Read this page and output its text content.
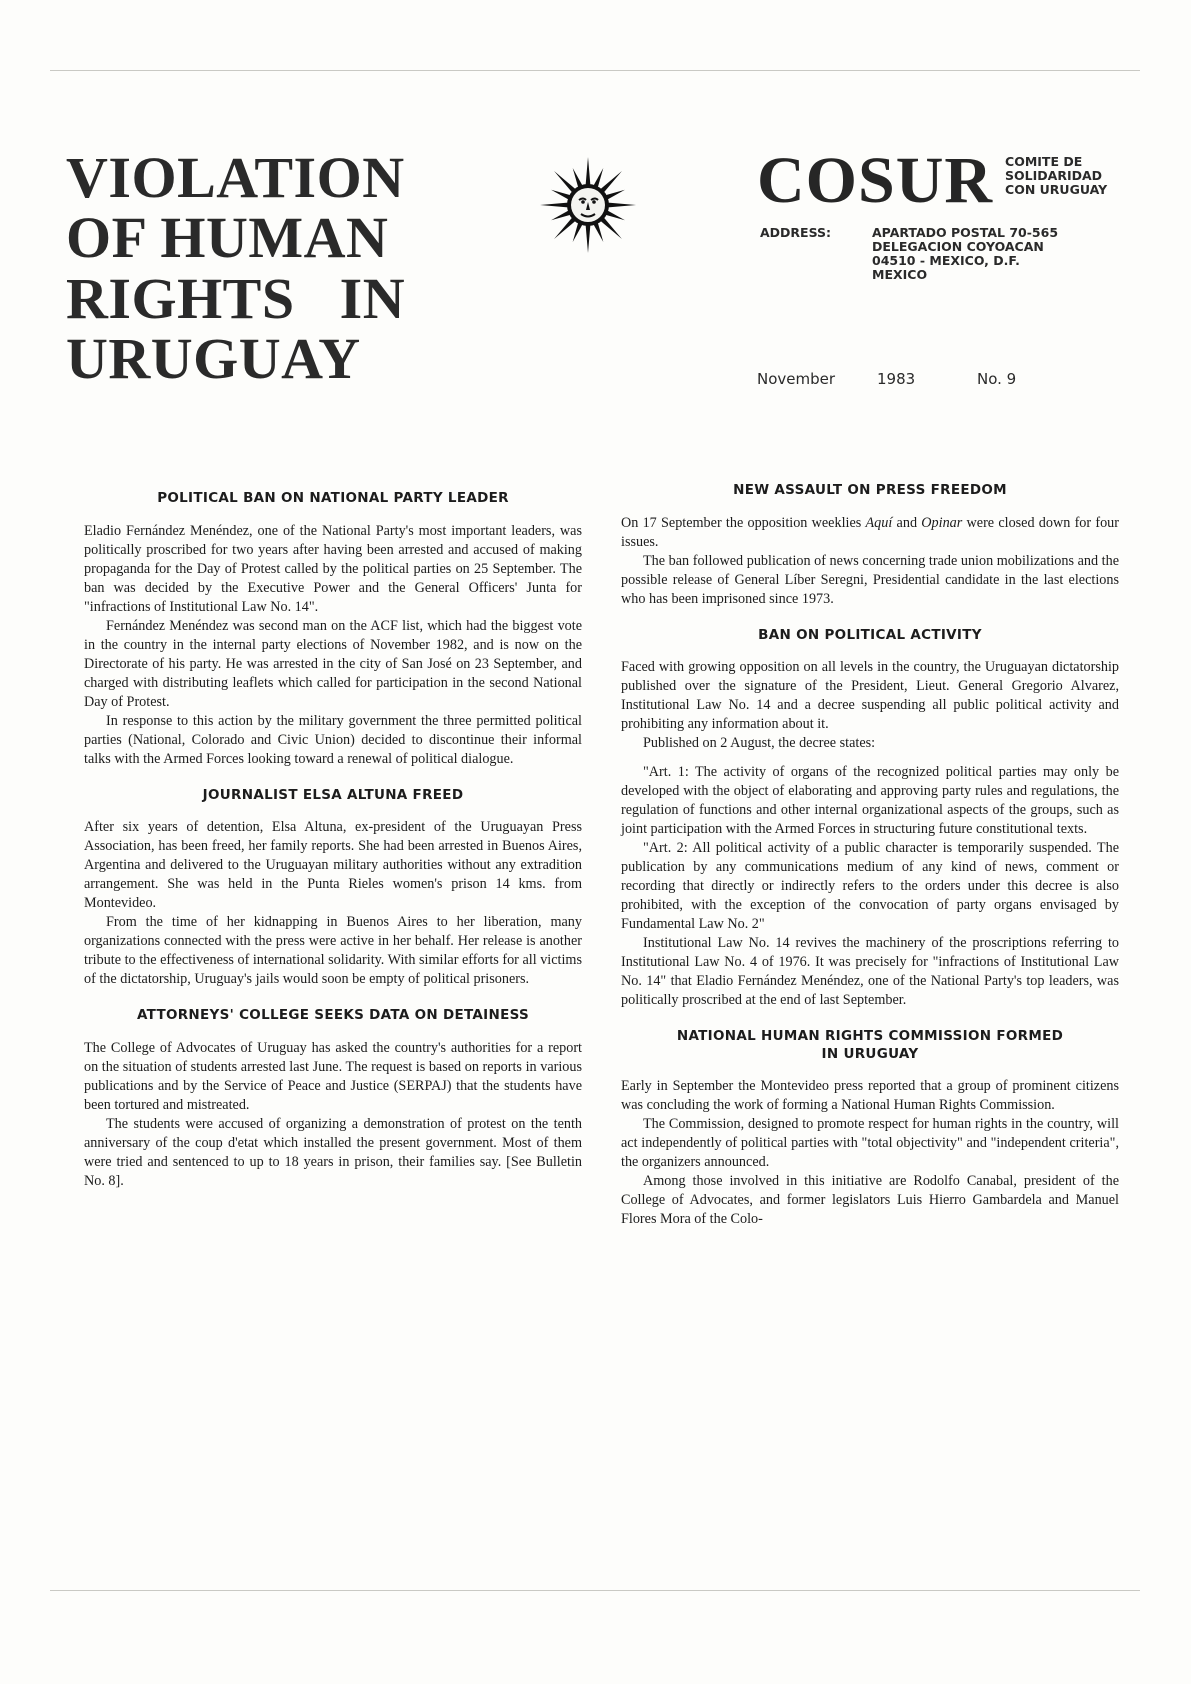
VIOLATION
OF HUMAN
RIGHTS   IN
URUGUAY
COSUR COMITE DE
SOLIDARIDAD
CON URUGUAY
ADDRESS:	APARTADO POSTAL 70-565
DELEGACION COYOACAN
04510 - MEXICO, D.F.
MEXICO
November	1983	No. 9
POLITICAL BAN ON NATIONAL PARTY LEADER

Eladio Fernández Menéndez, one of the National Party's most important leaders, was politically proscribed for two years after having been arrested and accused of making propaganda for the Day of Protest called by the political parties on 25 September. The ban was decided by the Executive Power and the General Officers' Junta for "infractions of Institutional Law No. 14".

Fernández Menéndez was second man on the ACF list, which had the biggest vote in the country in the internal party elections of November 1982, and is now on the Directorate of his party. He was arrested in the city of San José on 23 September, and charged with distributing leaflets which called for participation in the second National Day of Protest.

In response to this action by the military government the three permitted political parties (National, Colorado and Civic Union) decided to discontinue their informal talks with the Armed Forces looking toward a renewal of political dialogue.

JOURNALIST ELSA ALTUNA FREED

After six years of detention, Elsa Altuna, ex-president of the Uruguayan Press Association, has been freed, her family reports. She had been arrested in Buenos Aires, Argentina and delivered to the Uruguayan military authorities without any extradition arrangement. She was held in the Punta Rieles women's prison 14 kms. from Montevideo.

From the time of her kidnapping in Buenos Aires to her liberation, many organizations connected with the press were active in her behalf. Her release is another tribute to the effectiveness of international solidarity. With similar efforts for all victims of the dictatorship, Uruguay's jails would soon be empty of political prisoners.

ATTORNEYS' COLLEGE SEEKS DATA ON DETAINESS

The College of Advocates of Uruguay has asked the country's authorities for a report on the situation of students arrested last June. The request is based on reports in various publications and by the Service of Peace and Justice (SERPAJ) that the students have been tortured and mistreated.

The students were accused of organizing a demonstration of protest on the tenth anniversary of the coup d'etat which installed the present government. Most of them were tried and sentenced to up to 18 years in prison, their families say. [See Bulletin No. 8].

NEW ASSAULT ON PRESS FREEDOM

On 17 September the opposition weeklies Aquí and Opinar were closed down for four issues.

The ban followed publication of news concerning trade union mobilizations and the possible release of General Líber Seregni, Presidential candidate in the last elections who has been imprisoned since 1973.

BAN ON POLITICAL ACTIVITY

Faced with growing opposition on all levels in the country, the Uruguayan dictatorship published over the signature of the President, Lieut. General Gregorio Alvarez, Institutional Law No. 14 and a decree suspending all public political activity and prohibiting any information about it.

Published on 2 August, the decree states:

"Art. 1: The activity of organs of the recognized political parties may only be developed with the object of elaborating and approving party rules and regulations, the regulation of functions and other internal organizational aspects of the groups, such as joint participation with the Armed Forces in structuring future constitutional texts.

"Art. 2: All political activity of a public character is temporarily suspended. The publication by any communications medium of any kind of news, comment or recording that directly or indirectly refers to the orders under this decree is also prohibited, with the exception of the convocation of party organs envisaged by Fundamental Law No. 2"

Institutional Law No. 14 revives the machinery of the proscriptions referring to Institutional Law No. 4 of 1976. It was precisely for "infractions of Institutional Law No. 14" that Eladio Fernández Menéndez, one of the National Party's top leaders, was politically proscribed at the end of last September.

NATIONAL HUMAN RIGHTS COMMISSION FORMED
IN URUGUAY

Early in September the Montevideo press reported that a group of prominent citizens was concluding the work of forming a National Human Rights Commission.

The Commission, designed to promote respect for human rights in the country, will act independently of political parties with "total objectivity" and "independent criteria", the organizers announced.

Among those involved in this initiative are Rodolfo Canabal, president of the College of Advocates, and former legislators Luis Hierro Gambardela and Manuel Flores Mora of the Colo-
